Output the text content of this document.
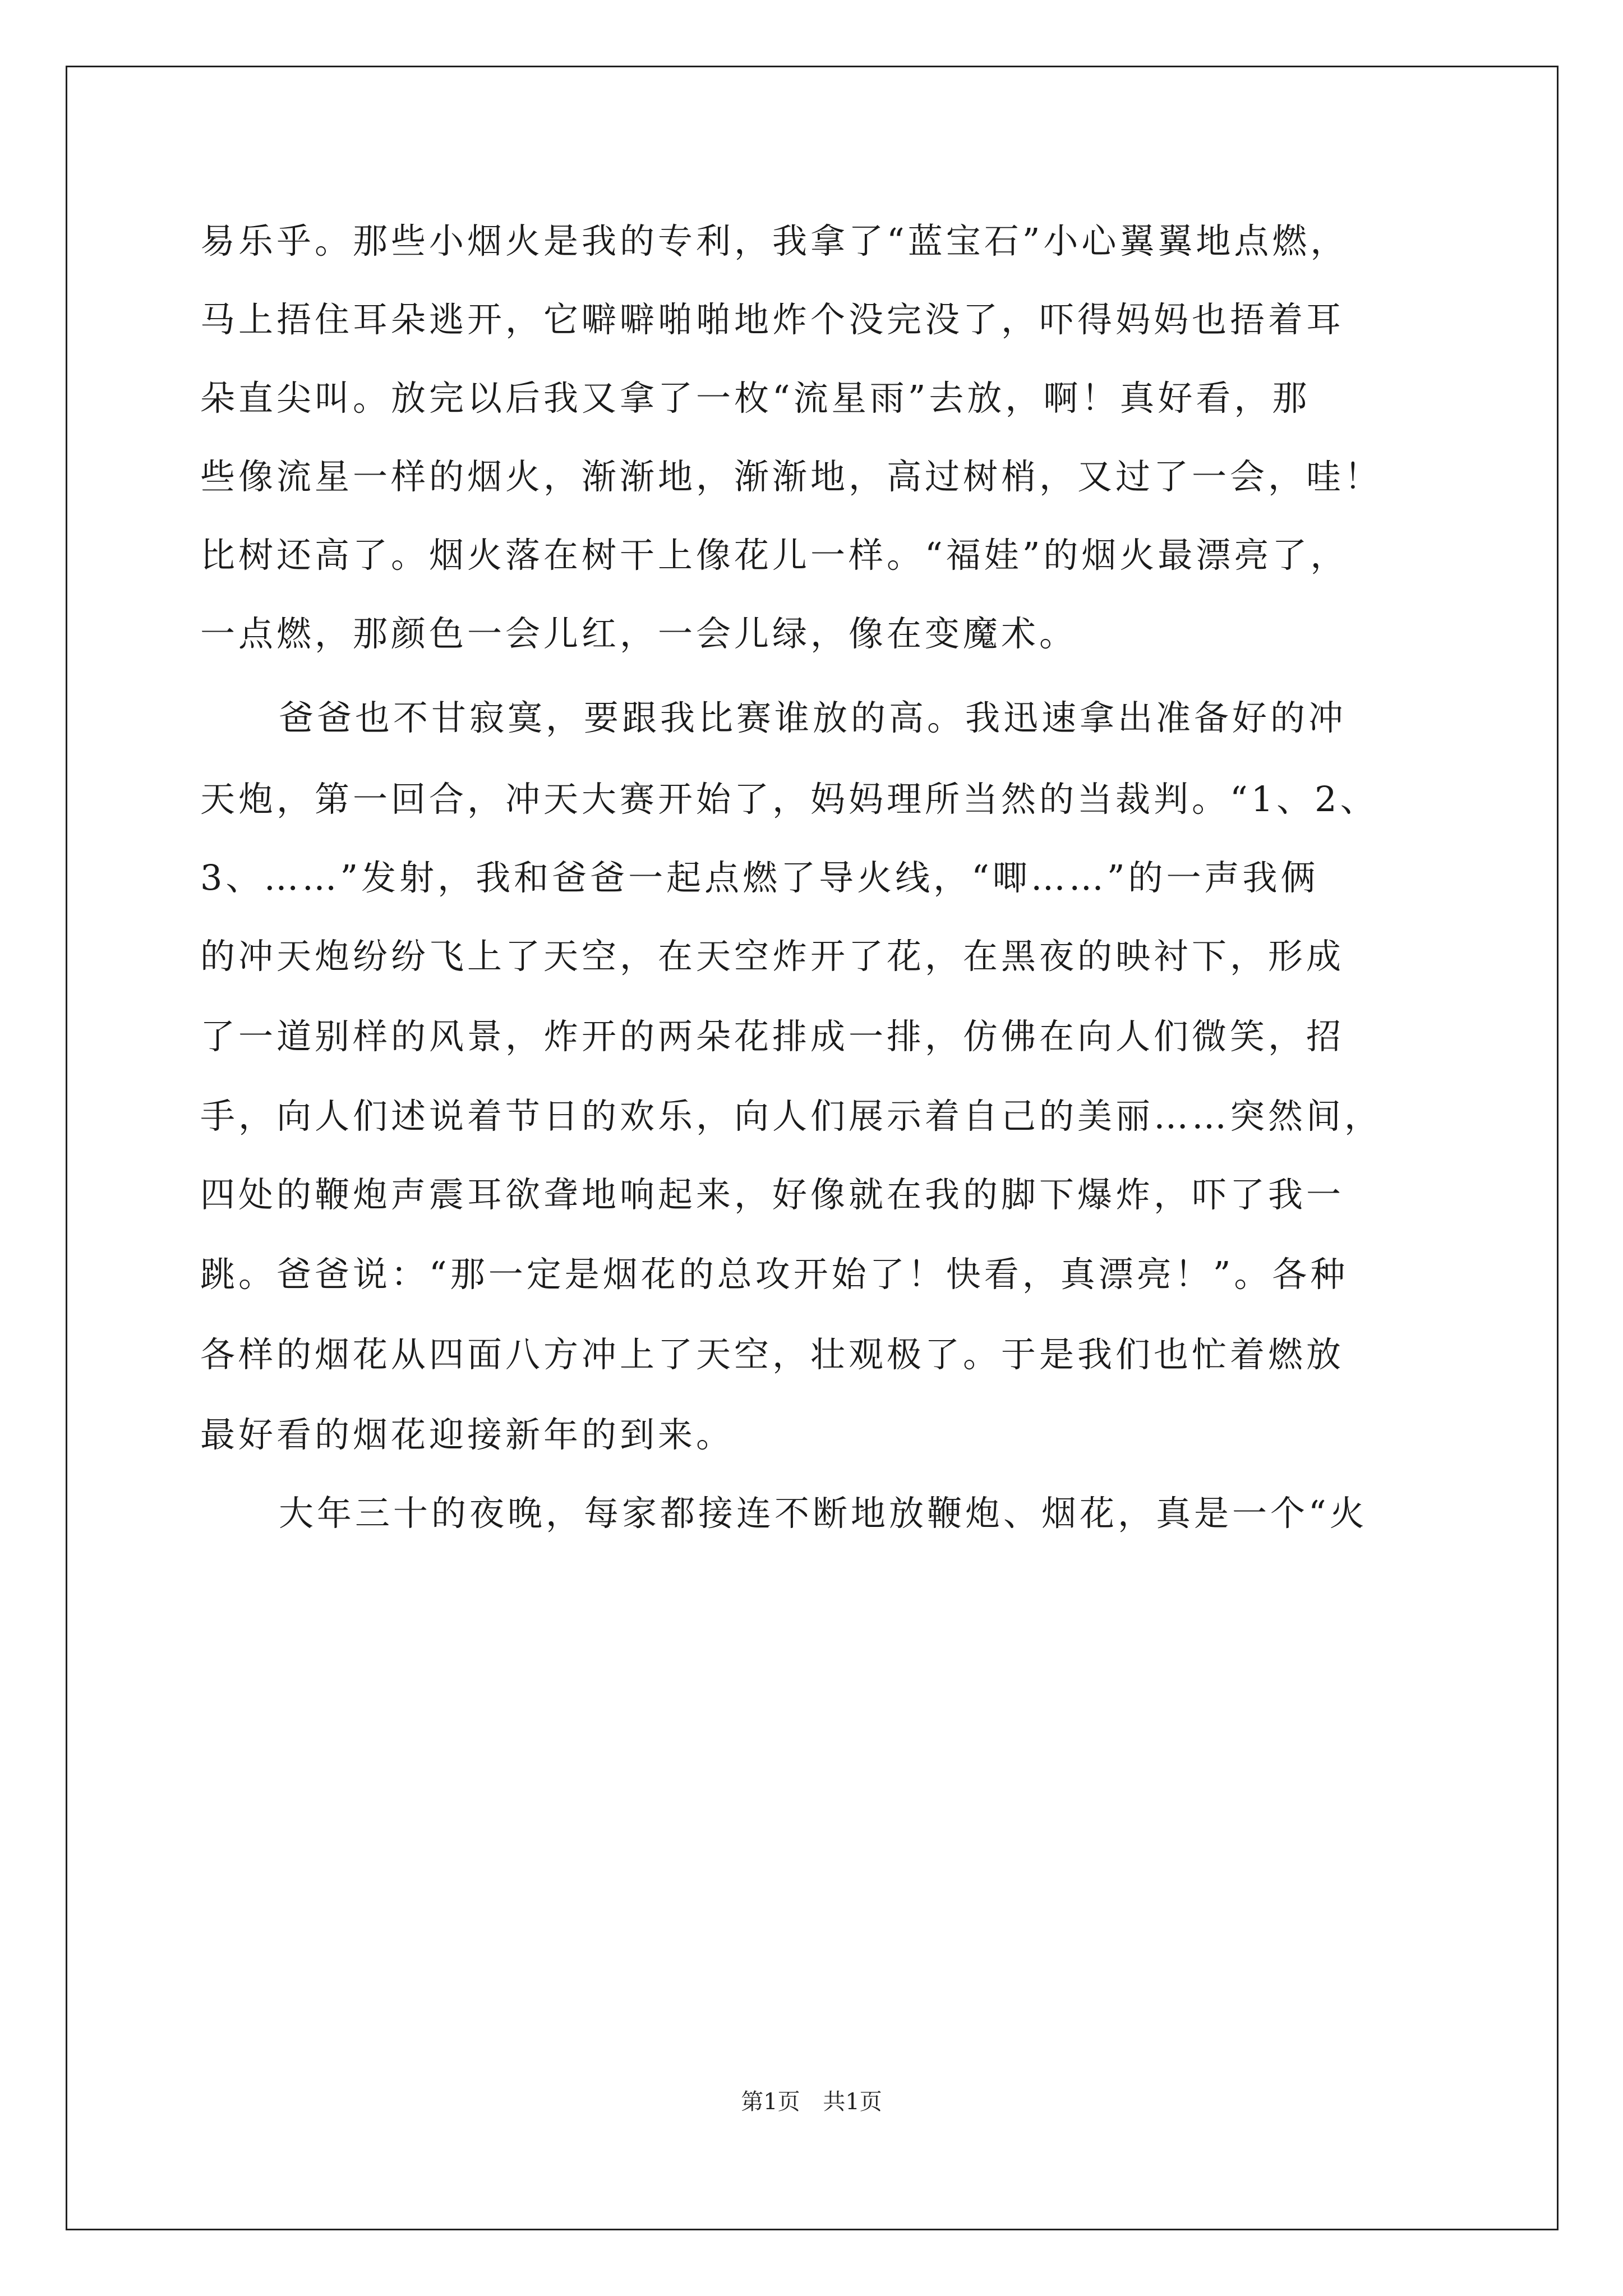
易乐乎。那些小烟火是我的专利，我拿了“蓝宝石”小心翼翼地点燃，
马上捂住耳朵逃开，它噼噼啪啪地炸个没完没了，吓得妈妈也捂着耳
朵直尖叫。放完以后我又拿了一枚“流星雨”去放，啊！真好看，那
些像流星一样的烟火，渐渐地，渐渐地，高过树梢，又过了一会，哇！
比树还高了。烟火落在树干上像花儿一样。“福娃”的烟火最漂亮了，
一点燃，那颜色一会儿红，一会儿绿，像在变魔术。
爸爸也不甘寂寞，要跟我比赛谁放的高。我迅速拿出准备好的冲
天炮，第一回合，冲天大赛开始了，妈妈理所当然的当裁判。“1、2、
3、……”发射，我和爸爸一起点燃了导火线，“唧……”的一声我俩
的冲天炮纷纷飞上了天空，在天空炸开了花，在黑夜的映衬下，形成
了一道别样的风景，炸开的两朵花排成一排，仿佛在向人们微笑，招
手，向人们述说着节日的欢乐，向人们展示着自己的美丽……突然间，
四处的鞭炮声震耳欲聋地响起来，好像就在我的脚下爆炸，吓了我一
跳。爸爸说：“那一定是烟花的总攻开始了！快看，真漂亮！”。各种
各样的烟花从四面八方冲上了天空，壮观极了。于是我们也忙着燃放
最好看的烟花迎接新年的到来。
大年三十的夜晚，每家都接连不断地放鞭炮、烟花，真是一个“火
第1页 共1页
